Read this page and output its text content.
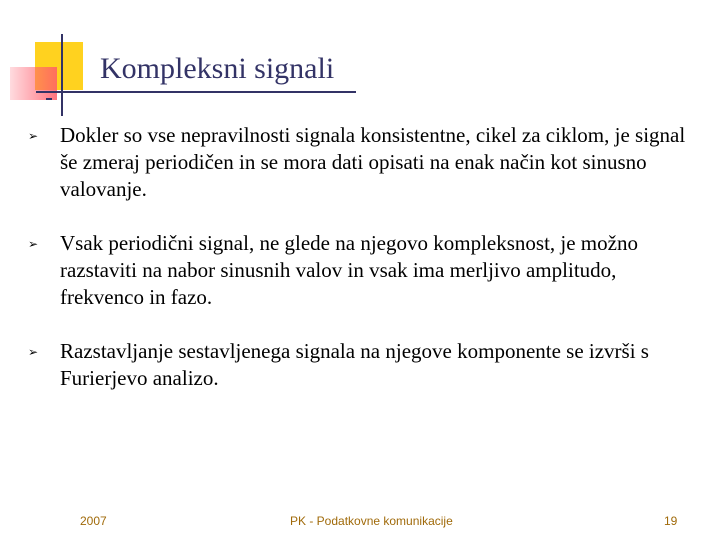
Kompleksni signali
➢ Dokler so vse nepravilnosti signala konsistentne, cikel za ciklom, je signal še zmeraj periodičen in se mora dati opisati na enak način kot sinusno valovanje.
➢ Vsak periodični signal, ne glede na njegovo kompleksnost, je možno razstaviti na nabor sinusnih valov in vsak ima merljivo amplitudo, frekvenco in fazo.
➢ Razstavljanje sestavljenega signala na njegove komponente se izvrši s Furierjevo analizo.
2007	PK - Podatkovne komunikacije	19
